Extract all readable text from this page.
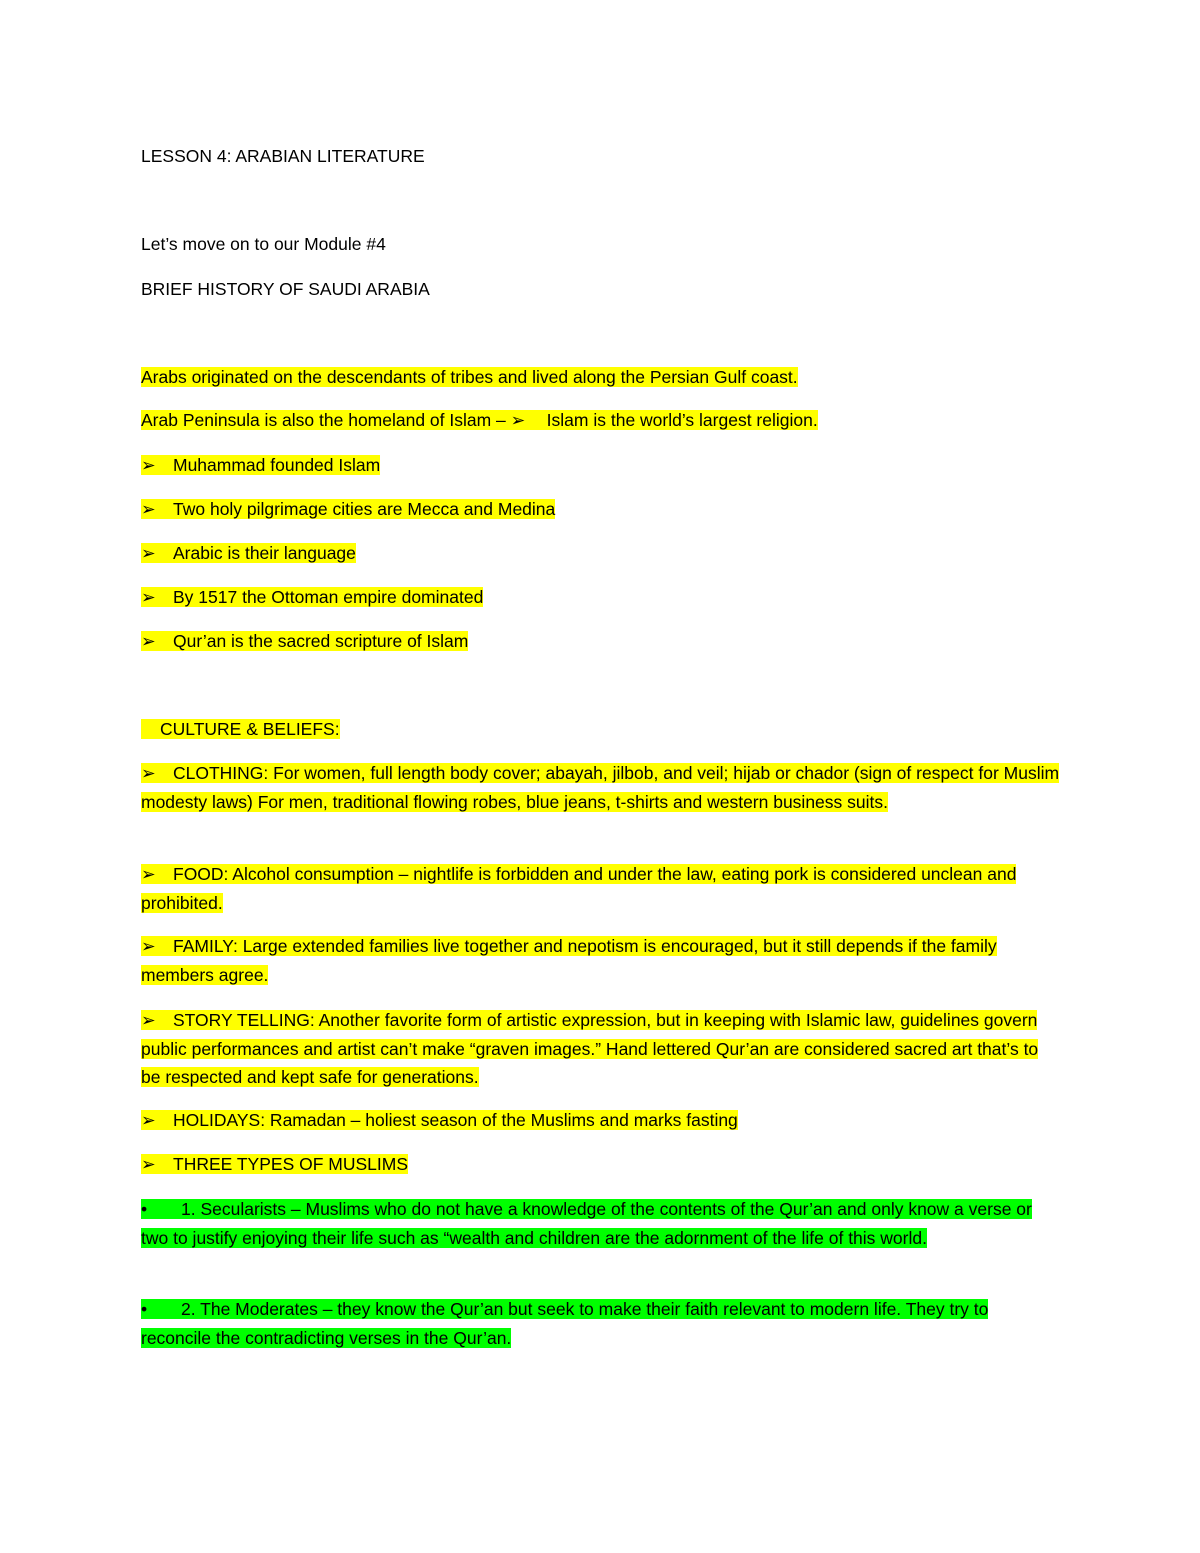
LESSON 4: ARABIAN LITERATURE
Let’s move on to our Module #4
BRIEF HISTORY OF SAUDI ARABIA
Arabs originated on the descendants of tribes and lived along the Persian Gulf coast.
Arab Peninsula is also the homeland of Islam – ➢ Islam is the world’s largest religion.
➢ Muhammad founded Islam
➢ Two holy pilgrimage cities are Mecca and Medina
➢ Arabic is their language
➢ By 1517 the Ottoman empire dominated
➢ Qur’an is the sacred scripture of Islam
CULTURE & BELIEFS:
➢ CLOTHING: For women, full length body cover; abayah, jilbob, and veil; hijab or chador (sign of respect for Muslim modesty laws) For men, traditional flowing robes, blue jeans, t-shirts and western business suits.
➢ FOOD: Alcohol consumption – nightlife is forbidden and under the law, eating pork is considered unclean and prohibited.
➢ FAMILY: Large extended families live together and nepotism is encouraged, but it still depends if the family members agree.
➢ STORY TELLING: Another favorite form of artistic expression, but in keeping with Islamic law, guidelines govern public performances and artist can’t make “graven images.” Hand lettered Qur’an are considered sacred art that’s to be respected and kept safe for generations.
➢ HOLIDAYS: Ramadan – holiest season of the Muslims and marks fasting
➢ THREE TYPES OF MUSLIMS
• 1. Secularists – Muslims who do not have a knowledge of the contents of the Qur’an and only know a verse or two to justify enjoying their life such as “wealth and children are the adornment of the life of this world.
• 2. The Moderates – they know the Qur’an but seek to make their faith relevant to modern life. They try to reconcile the contradicting verses in the Qur’an.
